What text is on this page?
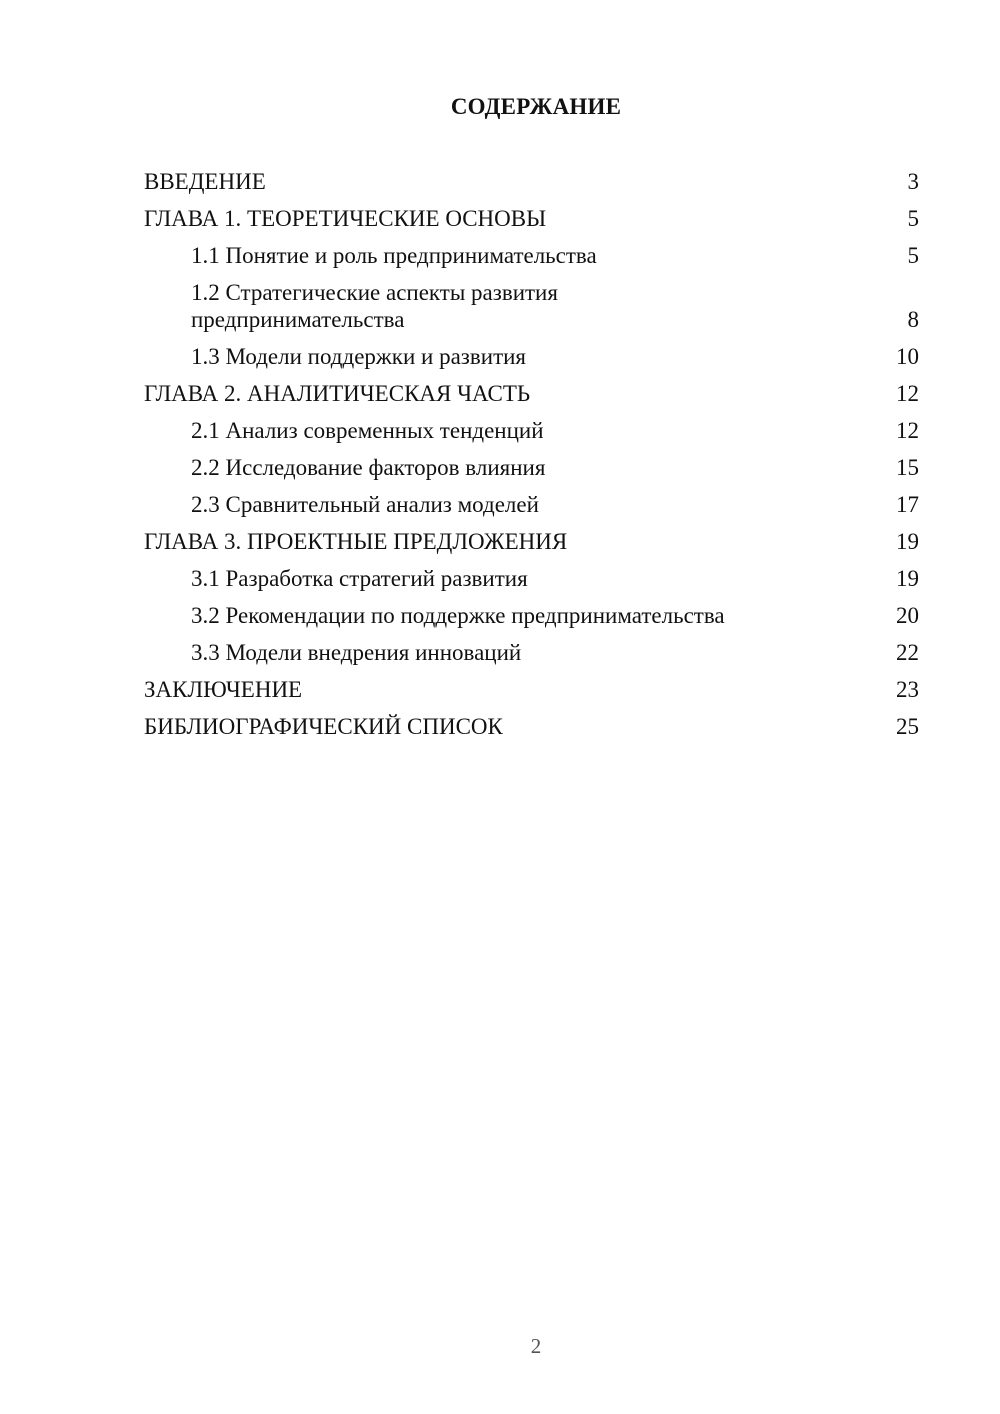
СОДЕРЖАНИЕ
ВВЕДЕНИЕ	3
ГЛАВА 1. ТЕОРЕТИЧЕСКИЕ ОСНОВЫ	5
1.1 Понятие и роль предпринимательства	5
1.2 Стратегические аспекты развития предпринимательства	8
1.3 Модели поддержки и развития	10
ГЛАВА 2. АНАЛИТИЧЕСКАЯ ЧАСТЬ	12
2.1 Анализ современных тенденций	12
2.2 Исследование факторов влияния	15
2.3 Сравнительный анализ моделей	17
ГЛАВА 3. ПРОЕКТНЫЕ ПРЕДЛОЖЕНИЯ	19
3.1 Разработка стратегий развития	19
3.2 Рекомендации по поддержке предпринимательства	20
3.3 Модели внедрения инноваций	22
ЗАКЛЮЧЕНИЕ	23
БИБЛИОГРАФИЧЕСКИЙ СПИСОК	25
2
